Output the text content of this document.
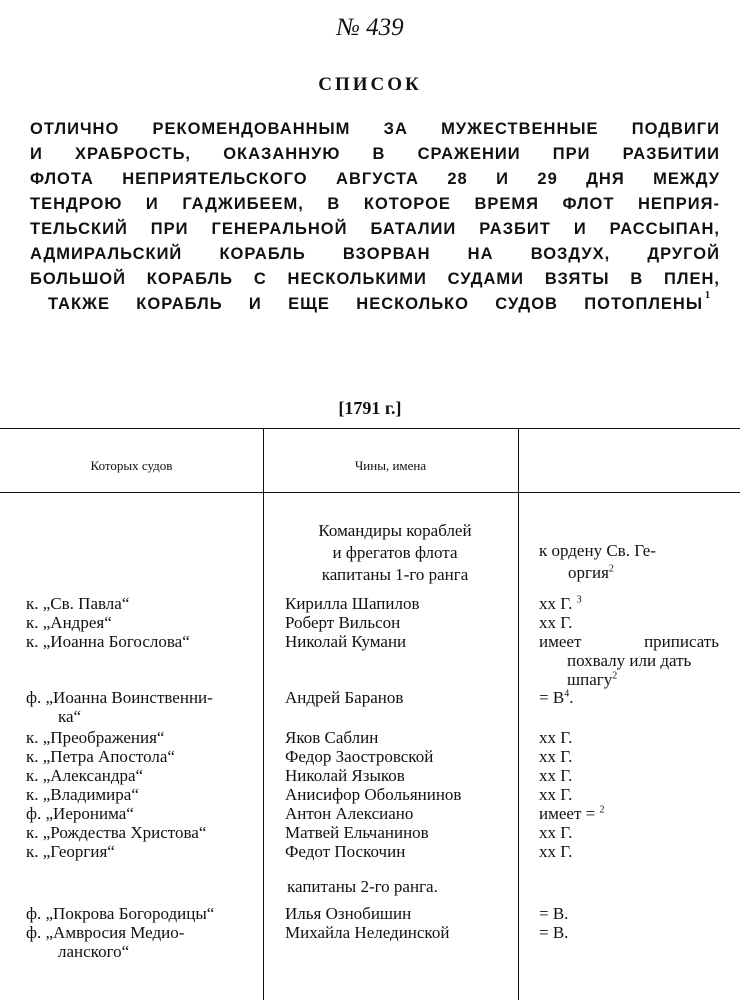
№ 439
СПИСОК
ОТЛИЧНО РЕКОМЕНДОВАННЫМ ЗА МУЖЕСТВЕННЫЕ ПОДВИГИ
И ХРАБРОСТЬ, ОКАЗАННУЮ В СРАЖЕНИИ ПРИ РАЗБИТИИ
ФЛОТА НЕПРИЯТЕЛЬСКОГО АВГУСТА 28 И 29 ДНЯ МЕЖДУ
ТЕНДРОЮ И ГАДЖИБЕЕМ, В КОТОРОЕ ВРЕМЯ ФЛОТ НЕПРИЯ-
ТЕЛЬСКИЙ ПРИ ГЕНЕРАЛЬНОЙ БАТАЛИИ РАЗБИТ И РАССЫПАН,
АДМИРАЛЬСКИЙ КОРАБЛЬ ВЗОРВАН НА ВОЗДУХ, ДРУГОЙ
БОЛЬШОЙ КОРАБЛЬ С НЕСКОЛЬКИМИ СУДАМИ ВЗЯТЫ В ПЛЕН,
ТАКЖЕ КОРАБЛЬ И ЕЩЕ НЕСКОЛЬКО СУДОВ ПОТОПЛЕНЫ 1
[1791 г.]
Которых судов	Чины, имена
Командиры кораблей
и фрегатов флота
капитаны 1-го ранга
к ордену Св. Ге-
оргия$^2$
к. „Св. Павла“	Кирилла Шапилов	хх Г. $^3$
к. „Андрея“	Роберт Вильсон	хх Г.
к. „Иоанна Богослова“	Николай Кумани	имеет приписать
похвалу или дать
шпагу$^2$
ф. „Иоанна Воинственни-	Андрей Баранов	= $В^4$.
ка“
к. „Преображения“	Яков Саблин	хх Г.
к. „Петра Апостола“	Федор Заостровской	хх Г.
к. „Александра“	Николай Языков	хх Г.
к. „Владимира“	Анисифор Обольянинов	хх Г.
ф. „Иеронима“	Антон Алексиано	имеет = $^2$
к. „Рождества Христова“	Матвей Ельчанинов	хх Г.
к. „Георгия“	Федот Поскочин	хх Г.
капитаны 2-го ранга.
ф. „Покрова Богородицы“	Илья Ознобишин	= В.
ф. „Амвросия Медио-	Михайла Нелединской	= В.
ланского“
